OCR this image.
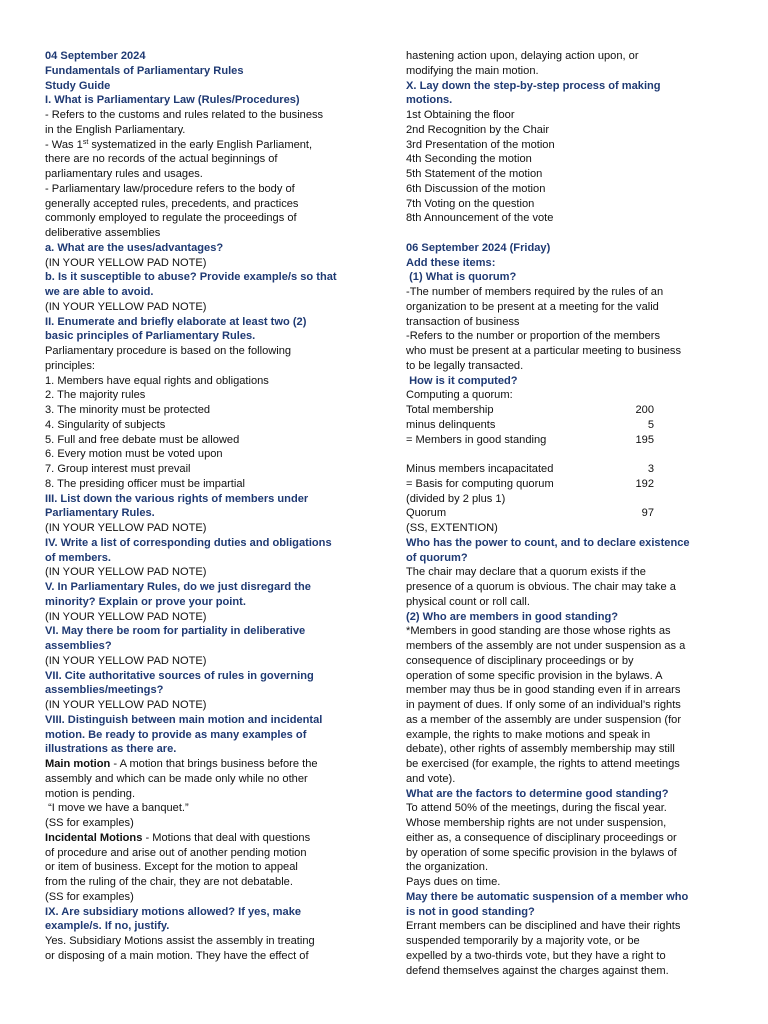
04 September 2024
Fundamentals of Parliamentary Rules
Study Guide
I. What is Parliamentary Law (Rules/Procedures)
- Refers to the customs and rules related to the business
in the English Parliamentary.
- Was 1st systematized in the early English Parliament,
there are no records of the actual beginnings of
parliamentary rules and usages.
- Parliamentary law/procedure refers to the body of
generally accepted rules, precedents, and practices
commonly employed to regulate the proceedings of
deliberative assemblies
a. What are the uses/advantages?
(IN YOUR YELLOW PAD NOTE)
b. Is it susceptible to abuse? Provide example/s so that
we are able to avoid.
(IN YOUR YELLOW PAD NOTE)
II. Enumerate and briefly elaborate at least two (2)
basic principles of Parliamentary Rules.
Parliamentary procedure is based on the following
principles:
1. Members have equal rights and obligations
2. The majority rules
3. The minority must be protected
4. Singularity of subjects
5. Full and free debate must be allowed
6. Every motion must be voted upon
7. Group interest must prevail
8. The presiding officer must be impartial
III. List down the various rights of members under
Parliamentary Rules.
(IN YOUR YELLOW PAD NOTE)
IV. Write a list of corresponding duties and obligations
of members.
(IN YOUR YELLOW PAD NOTE)
V. In Parliamentary Rules, do we just disregard the
minority? Explain or prove your point.
(IN YOUR YELLOW PAD NOTE)
VI. May there be room for partiality in deliberative
assemblies?
(IN YOUR YELLOW PAD NOTE)
VII. Cite authoritative sources of rules in governing
assemblies/meetings?
(IN YOUR YELLOW PAD NOTE)
VIII. Distinguish between main motion and incidental
motion. Be ready to provide as many examples of
illustrations as there are.
Main motion - A motion that brings business before the
assembly and which can be made only while no other
motion is pending.
“I move we have a banquet.”
(SS for examples)
Incidental Motions - Motions that deal with questions
of procedure and arise out of another pending motion
or item of business. Except for the motion to appeal
from the ruling of the chair, they are not debatable.
(SS for examples)
IX. Are subsidiary motions allowed? If yes, make
example/s. If no, justify.
Yes. Subsidiary Motions assist the assembly in treating
or disposing of a main motion. They have the effect of
hastening action upon, delaying action upon, or
modifying the main motion.
X. Lay down the step-by-step process of making
motions.
1st Obtaining the floor
2nd Recognition by the Chair
3rd Presentation of the motion
4th Seconding the motion
5th Statement of the motion
6th Discussion of the motion
7th Voting on the question
8th Announcement of the vote
06 September 2024 (Friday)
Add these items:
(1) What is quorum?
-The number of members required by the rules of an
organization to be present at a meeting for the valid
transaction of business
-Refers to the number or proportion of the members
who must be present at a particular meeting to business
to be legally transacted.
How is it computed?
Computing a quorum:
Total membership	200
minus delinquents	5
= Members in good standing	195
Minus members incapacitated	3
= Basis for computing quorum	192
(divided by 2 plus 1)
Quorum	97
(SS, EXTENTION)
Who has the power to count, and to declare existence
of quorum?
The chair may declare that a quorum exists if the
presence of a quorum is obvious. The chair may take a
physical count or roll call.
(2) Who are members in good standing?
*Members in good standing are those whose rights as
members of the assembly are not under suspension as a
consequence of disciplinary proceedings or by
operation of some specific provision in the bylaws. A
member may thus be in good standing even if in arrears
in payment of dues. If only some of an individual’s rights
as a member of the assembly are under suspension (for
example, the rights to make motions and speak in
debate), other rights of assembly membership may still
be exercised (for example, the rights to attend meetings
and vote).
What are the factors to determine good standing?
To attend 50% of the meetings, during the fiscal year.
Whose membership rights are not under suspension,
either as, a consequence of disciplinary proceedings or
by operation of some specific provision in the bylaws of
the organization.
Pays dues on time.
May there be automatic suspension of a member who
is not in good standing?
Errant members can be disciplined and have their rights
suspended temporarily by a majority vote, or be
expelled by a two-thirds vote, but they have a right to
defend themselves against the charges against them.
